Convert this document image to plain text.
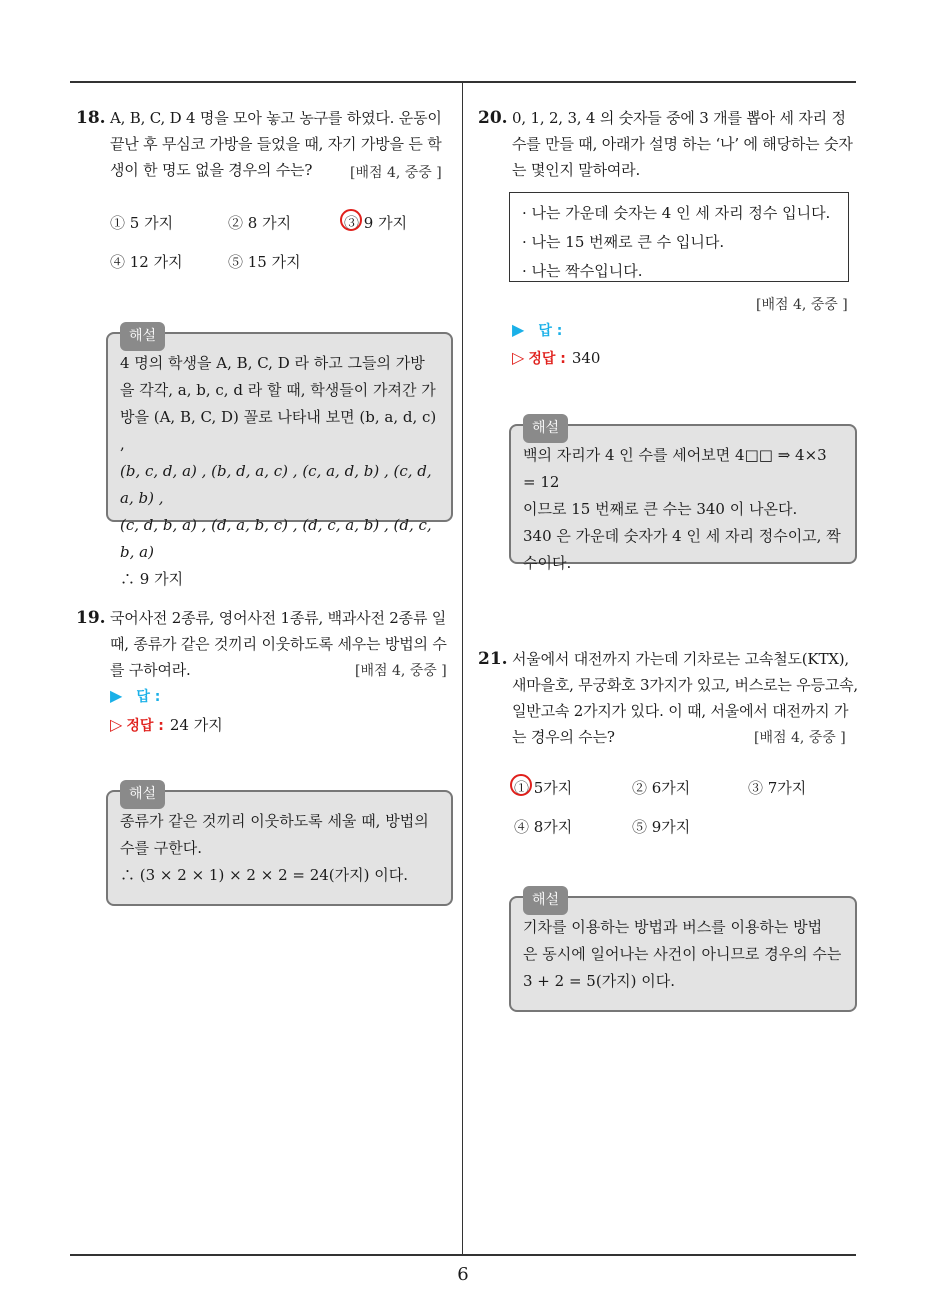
18. A, B, C, D 4 명을 모아 놓고 농구를 하였다. 운동이 끝난 후 무심코 가방을 들었을 때, 자기 가방을 든 학생이 한 명도 없을 경우의 수는?	[배점 4, 중중 ]
① 5 가지	② 8 가지	③ 9 가지
④ 12 가지	⑤ 15 가지
해설
4 명의 학생을 A, B, C, D 라 하고 그들의 가방
을 각각, a, b, c, d 라 할 때, 학생들이 가져간 가
방을 (A, B, C, D) 꼴로 나타내 보면 (b, a, d, c) ,
(b, c, d, a) , (b, d, a, c) , (c, a, d, b) , (c, d, a, b) ,
(c, d, b, a) , (d, a, b, c) , (d, c, a, b) , (d, c, b, a)
∴ 9 가지
19. 국어사전 2종류, 영어사전 1종류, 백과사전 2종류 일 때, 종류가 같은 것끼리 이웃하도록 세우는 방법의 수를 구하여라.	[배점 4, 중중 ]
▶ 답 :
▷ 정답 : 24 가지
해설
종류가 같은 것끼리 이웃하도록 세울 때, 방법의
수를 구한다.
∴ (3 × 2 × 1) × 2 × 2 = 24(가지) 이다.
20. 0, 1, 2, 3, 4 의 숫자들 중에 3 개를 뽑아 세 자리 정수를 만들 때, 아래가 설명 하는 ‘나’ 에 해당하는 숫자는 몇인지 말하여라.
· 나는 가운데 숫자는 4 인 세 자리 정수 입니다.
· 나는 15 번째로 큰 수 입니다.
· 나는 짝수입니다.
[배점 4, 중중 ]
▶ 답 :
▷ 정답 : 340
해설
백의 자리가 4 인 수를 세어보면 4□□ ⇒ 4×3 = 12
이므로 15 번째로 큰 수는 340 이 나온다.
340 은 가운데 숫자가 4 인 세 자리 정수이고, 짝
수이다.
21. 서울에서 대전까지 가는데 기차로는 고속철도(KTX), 새마을호, 무궁화호 3가지가 있고, 버스로는 우등고속, 일반고속 2가지가 있다. 이 때, 서울에서 대전까지 가는 경우의 수는?	[배점 4, 중중 ]
① 5가지	② 6가지	③ 7가지
④ 8가지	⑤ 9가지
해설
기차를 이용하는 방법과 버스를 이용하는 방법
은 동시에 일어나는 사건이 아니므로 경우의 수는
3 + 2 = 5(가지) 이다.
6
